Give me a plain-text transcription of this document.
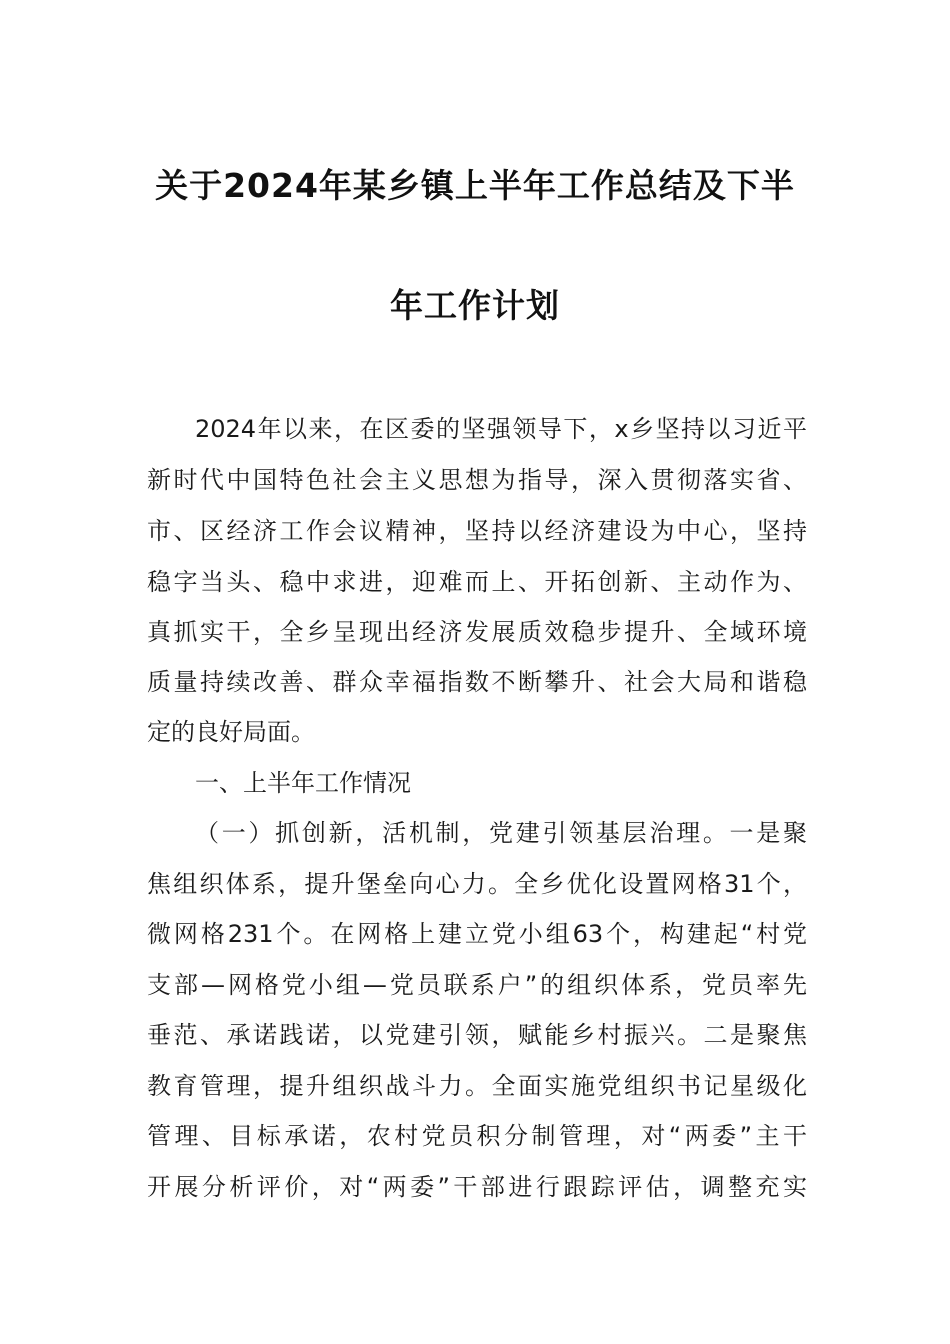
关于2024年某乡镇上半年工作总结及下半
年工作计划
2024年以来，在区委的坚强领导下，x乡坚持以习近平
新时代中国特色社会主义思想为指导，深入贯彻落实省、
市、区经济工作会议精神，坚持以经济建设为中心，坚持
稳字当头、稳中求进，迎难而上、开拓创新、主动作为、
真抓实干，全乡呈现出经济发展质效稳步提升、全域环境
质量持续改善、群众幸福指数不断攀升、社会大局和谐稳
定的良好局面。
一、上半年工作情况
（一）抓创新，活机制，党建引领基层治理。一是聚
焦组织体系，提升堡垒向心力。全乡优化设置网格31个，
微网格231个。在网格上建立党小组63个，构建起“村党
支部—网格党小组—党员联系户”的组织体系，党员率先
垂范、承诺践诺，以党建引领，赋能乡村振兴。二是聚焦
教育管理，提升组织战斗力。全面实施党组织书记星级化
管理、目标承诺，农村党员积分制管理，对“两委”主干
开展分析评价，对“两委”干部进行跟踪评估，调整充实
